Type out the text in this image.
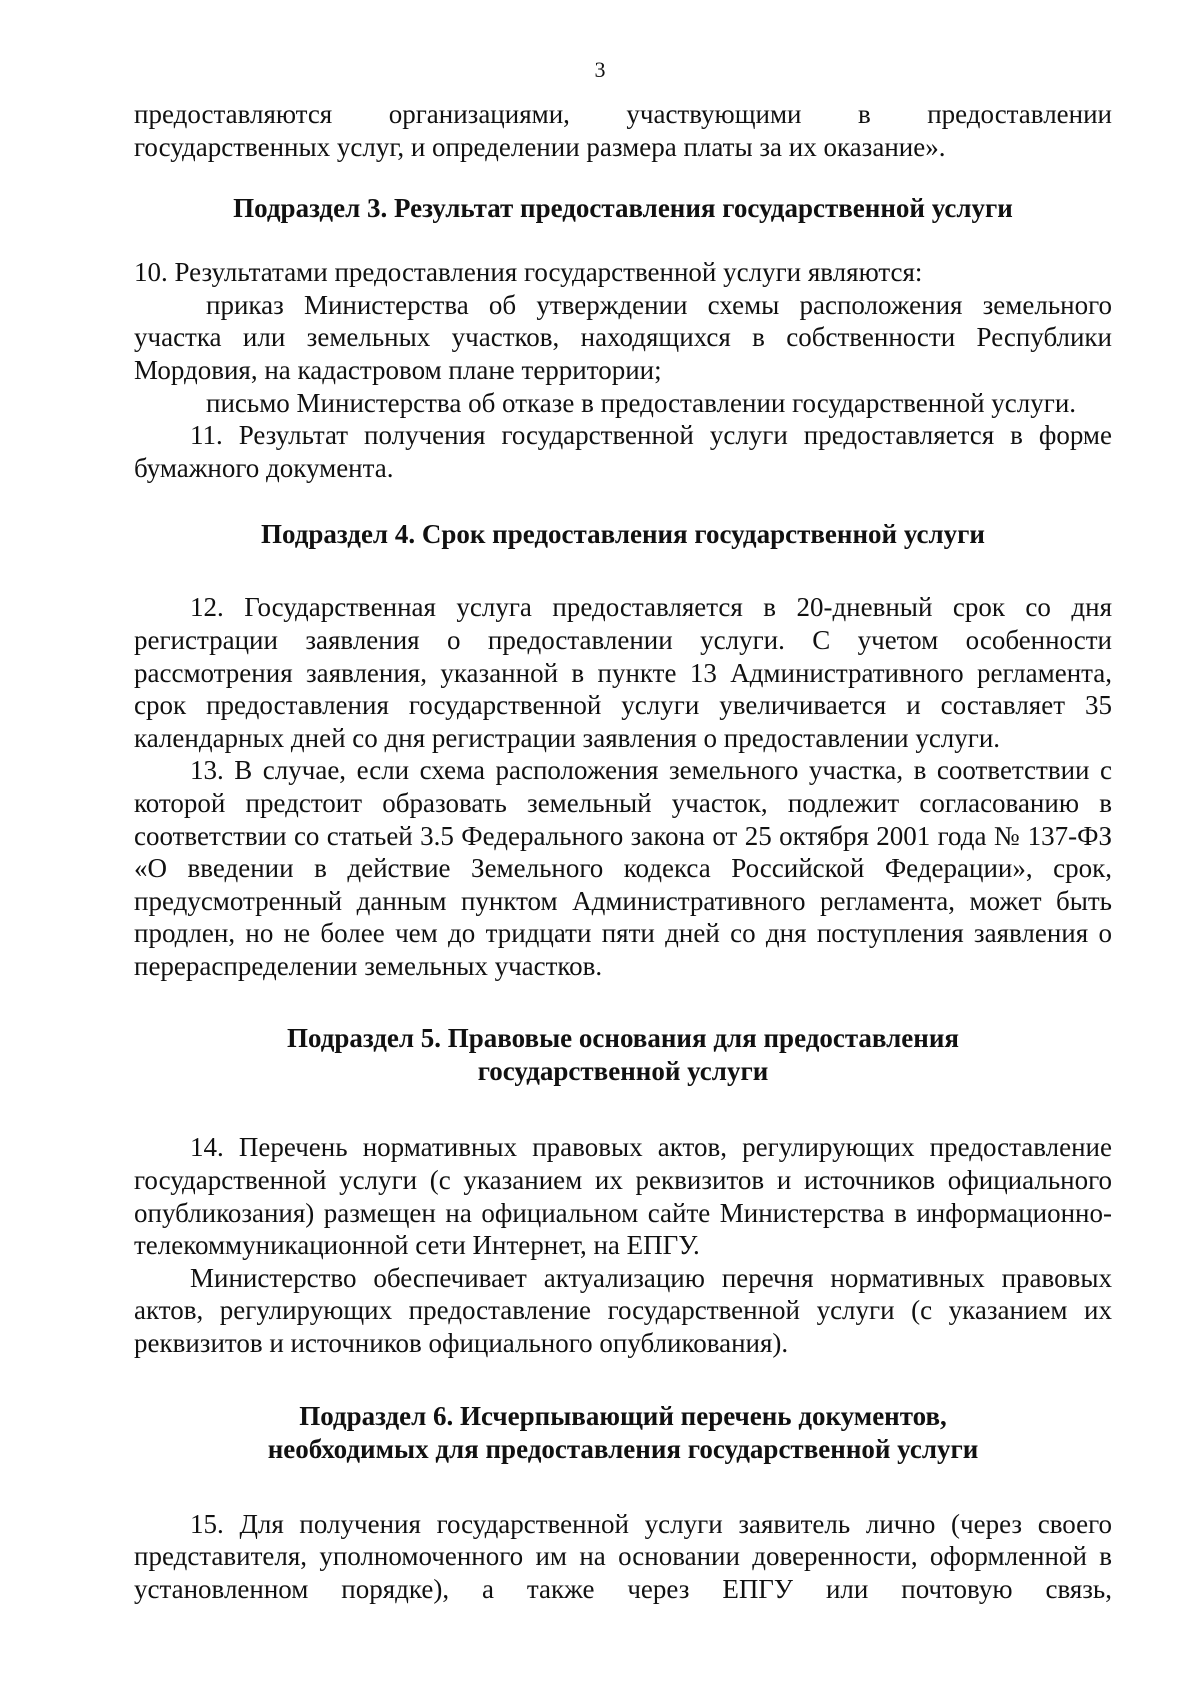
3

предоставляются организациями, участвующими в предоставлении государственных услуг, и определении размера платы за их оказание».

Подраздел 3. Результат предоставления государственной услуги

10. Результатами предоставления государственной услуги являются:

приказ Министерства об утверждении схемы расположения земельного участка или земельных участков, находящихся в собственности Республики Мордовия, на кадастровом плане территории;

письмо Министерства об отказе в предоставлении государственной услуги.

11. Результат получения государственной услуги предоставляется в форме бумажного документа.

Подраздел 4. Срок предоставления государственной услуги

12. Государственная услуга предоставляется в 20-дневный срок со дня регистрации заявления о предоставлении услуги. С учетом особенности рассмотрения заявления, указанной в пункте 13 Административного регламента, срок предоставления государственной услуги увеличивается и составляет 35 календарных дней со дня регистрации заявления о предоставлении услуги.

13. В случае, если схема расположения земельного участка, в соответствии с которой предстоит образовать земельный участок, подлежит согласованию в соответствии со статьей 3.5 Федерального закона от 25 октября 2001 года № 137-ФЗ «О введении в действие Земельного кодекса Российской Федерации», срок, предусмотренный данным пунктом Административного регламента, может быть продлен, но не более чем до тридцати пяти дней со дня поступления заявления о перераспределении земельных участков.

Подраздел 5. Правовые основания для предоставления

государственной услуги

14. Перечень нормативных правовых актов, регулирующих предоставление государственной услуги (с указанием их реквизитов и источников официального опубликозания) размещен на официальном сайте Министерства в информационно-телекоммуникационной сети Интернет, на ЕПГУ.

Министерство обеспечивает актуализацию перечня нормативных правовых актов, регулирующих предоставление государственной услуги (с указанием их реквизитов и источников официального опубликования).

Подраздел 6. Исчерпывающий перечень документов,

необходимых для предоставления государственной услуги

15. Для получения государственной услуги заявитель лично (через своего представителя, уполномоченного им на основании доверенности, оформленной в установленном порядке), а также через ЕПГУ или почтовую связь,
